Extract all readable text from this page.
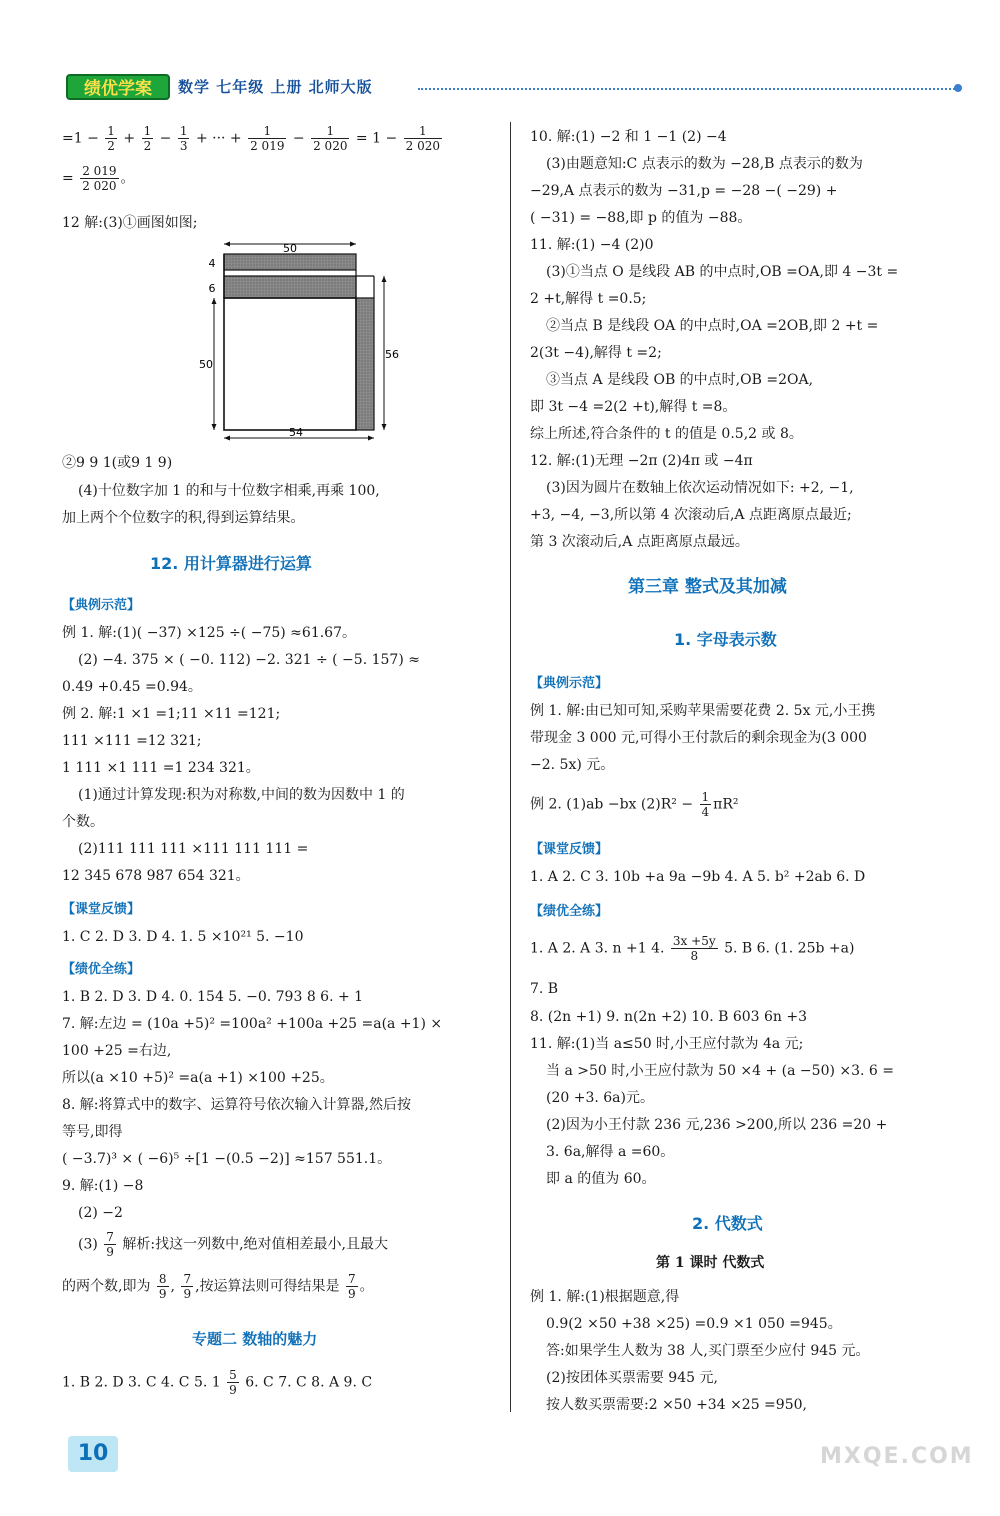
绩优学案	数学 七年级 上册 北师大版
$=1 - \frac{1}{2} + \frac{1}{2} - \frac{1}{3}$ + ··· + $\frac{1}{2 019} - \frac{1}{2 020} = 1 - \frac{1}{2 020}$
= $\frac{2 019}{2 020}$ 。
12 解:(3)①画图如图;
②9 9 1(或9 1 9)
(4)十位数字加 1 的和与十位数字相乘,再乘 100,
加上两个个位数字的积,得到运算结果。
12. 用计算器进行运算
【典例示范】
例 1. 解:(1)( −37) ×125 ÷( −75) ≈61.67。
(2) −4. 375 × ( −0. 112) −2. 321 ÷ ( −5. 157) ≈
0.49 +0.45 =0.94。
例 2. 解:1 ×1 =1;11 ×11 =121;
111 ×111 =12 321;
1 111 ×1 111 =1 234 321。
(1)通过计算发现:积为对称数,中间的数为因数中 1 的
个数。
(2)111 111 111 ×111 111 111 =
12 345 678 987 654 321。
【课堂反馈】
1. C 2. D 3. D 4. 1. 5 ×10²¹ 5. −10
【绩优全练】
1. B 2. D 3. D 4. 0. 154 5. −0. 793 8 6. + 1
7. 解:左边 = (10a +5)² =100a² +100a +25 =a(a +1) ×
100 +25 =右边,
所以(a ×10 +5)² =a(a +1) ×100 +25。
8. 解:将算式中的数字、运算符号依次输入计算器,然后按
等号,即得
( −3.7)³ × ( −6)⁵ ÷[1 −(0.5 −2)] ≈157 551.1。
9. 解:(1) −8
(2) −2
$(3) \frac{7}{9}$ 解析:找这一列数中,绝对值相差最小,且最大
的两个数,即为 $\frac{8}{9}$ , $\frac{7}{9}$ ,按运算法则可得结果是 $\frac{7}{9}$ 。
专题二 数轴的魅力
1. B 2. D 3. C 4. C 5. $1 \frac{5}{9} 6$. C 7. C 8. A 9. C
50
4
6
50
56
54
10. 解:(1) −2 和 1 −1 (2) −4
(3)由题意知:C 点表示的数为 −28,B 点表示的数为
−29,A 点表示的数为 −31,p = −28 −( −29) +
( −31) = −88,即 p 的值为 −88。
11. 解:(1) −4 (2)0
(3)①当点 O 是线段 AB 的中点时,OB =OA,即 4 −3t =
2 +t,解得 t =0.5;
②当点 B 是线段 OA 的中点时,OA =2OB,即 2 +t =
2(3t −4),解得 t =2;
③当点 A 是线段 OB 的中点时,OB =2OA,
即 3t −4 =2(2 +t),解得 t =8。
综上所述,符合条件的 t 的值是 0.5,2 或 8。
12. 解:(1)无理 −2π (2)4π 或 −4π
(3)因为圆片在数轴上依次运动情况如下: +2, −1,
+3, −4, −3,所以第 4 次滚动后,A 点距离原点最近;
第 3 次滚动后,A 点距离原点最远。
第三章 整式及其加减
1. 字母表示数
【典例示范】
例 1. 解:由已知可知,采购苹果需要花费 2. 5x 元,小王携
带现金 3 000 元,可得小王付款后的剩余现金为(3 000
−2. 5x) 元。
例 2. (1)ab −bx $(2)R^2 - \frac{1}{4} \pi R^2$
【课堂反馈】
1. A 2. C 3. 10b +a 9a −9b 4. A 5. b² +2ab 6. D
【绩优全练】
1. A 2. A 3. n +1 4. $\frac{3x +5y}{8} 5$. B 6. (1. 25b +a)
7. B
8. (2n +1) 9. n(2n +2) 10. B 603 6n +3
11. 解:(1)当 a≤50 时,小王应付款为 4a 元;
当 a >50 时,小王应付款为 50 ×4 + (a −50) ×3. 6 =
(20 +3. 6a)元。
(2)因为小王付款 236 元,236 >200,所以 236 =20 +
3. 6a,解得 a =60。
即 a 的值为 60。
2. 代数式
第 1 课时 代数式
例 1. 解:(1)根据题意,得
0.9(2 ×50 +38 ×25) =0.9 ×1 050 =945。
答:如果学生人数为 38 人,买门票至少应付 945 元。
(2)按团体买票需要 945 元,
按人数买票需要:2 ×50 +34 ×25 =950,
10	MXQE.COM
